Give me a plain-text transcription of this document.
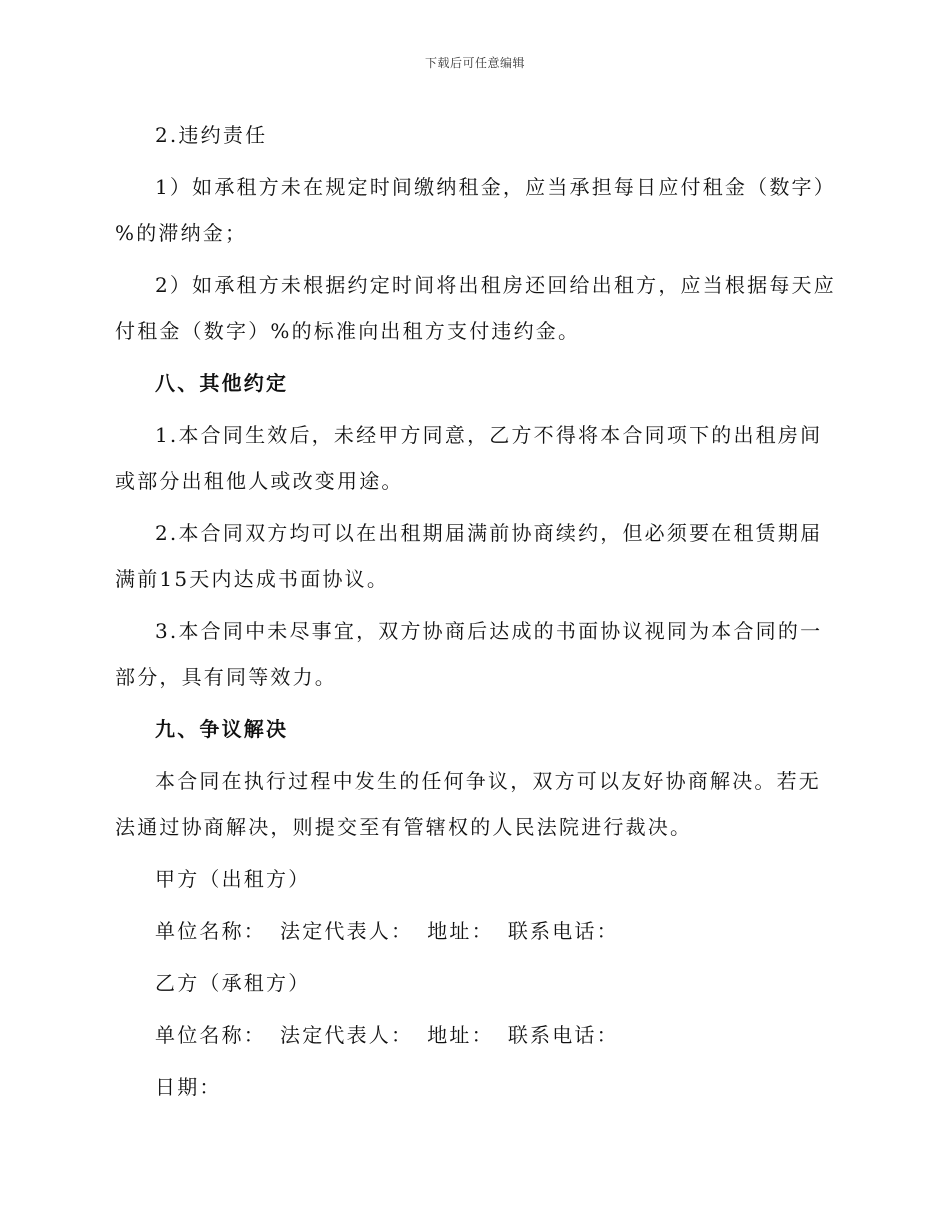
下载后可任意编辑

2.违约责任

1）如承租方未在规定时间缴纳租金，应当承担每日应付租金（数字）%的滞纳金；

2）如承租方未根据约定时间将出租房还回给出租方，应当根据每天应付租金（数字）%的标准向出租方支付违约金。

八、其他约定

1.本合同生效后，未经甲方同意，乙方不得将本合同项下的出租房间或部分出租他人或改变用途。

2.本合同双方均可以在出租期届满前协商续约，但必须要在租赁期届满前15天内达成书面协议。

3.本合同中未尽事宜，双方协商后达成的书面协议视同为本合同的一部分，具有同等效力。

九、争议解决

本合同在执行过程中发生的任何争议，双方可以友好协商解决。若无法通过协商解决，则提交至有管辖权的人民法院进行裁决。

甲方（出租方）

单位名称： 法定代表人： 地址： 联系电话：

乙方（承租方）

单位名称： 法定代表人： 地址： 联系电话：

日期：
